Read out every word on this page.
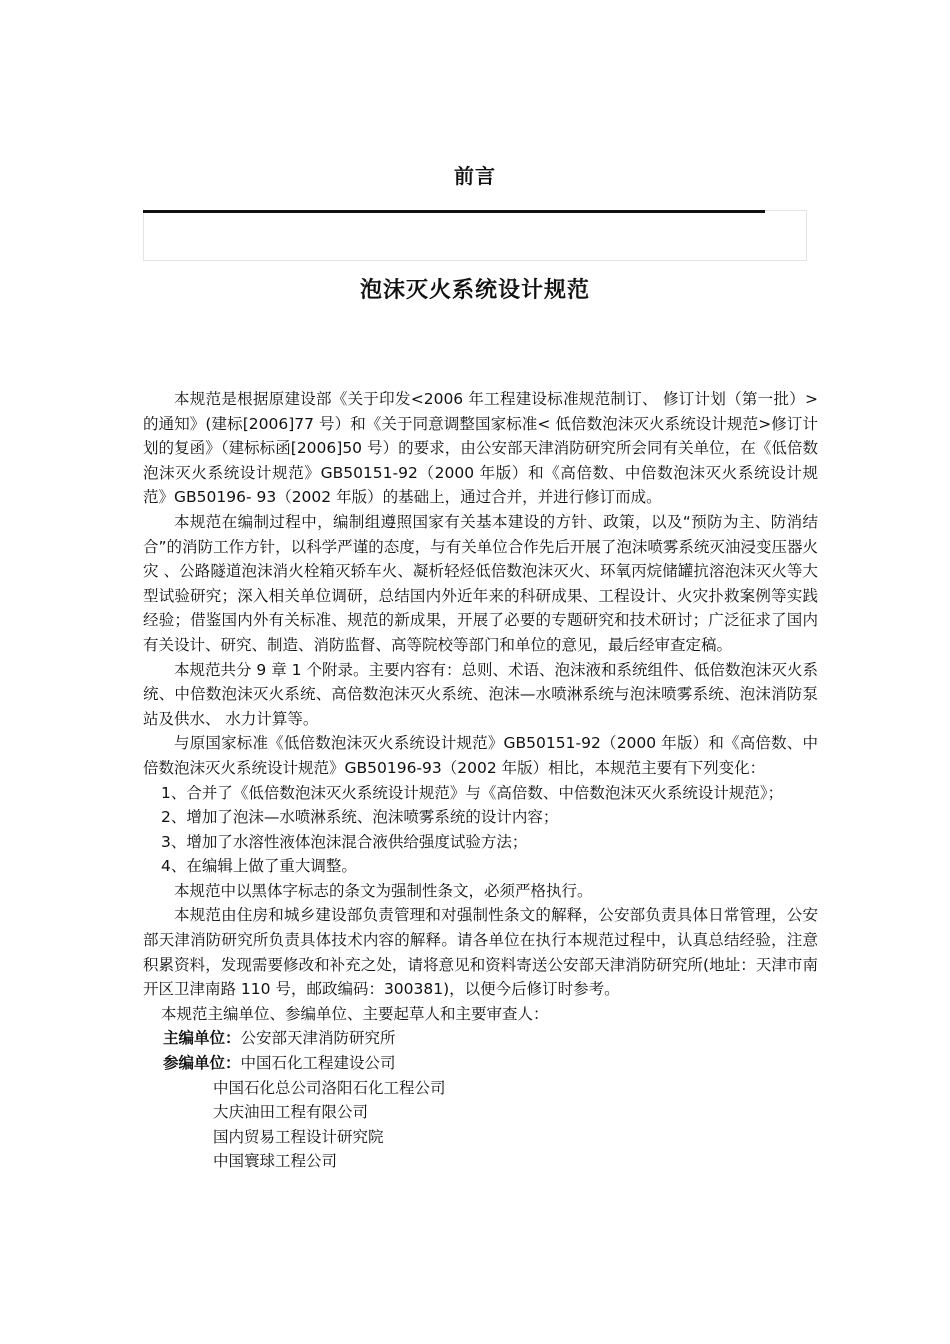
前言
泡沫灭火系统设计规范

本规范是根据原建设部《关于印发<2006 年工程建设标准规范制订、 修订计划（第一批）>的通知》(建标[2006]77 号）和《关于同意调整国家标准< 低倍数泡沫灭火系统设计规范>修订计划的复函》（建标标函[2006]50 号）的要求，由公安部天津消防研究所会同有关单位，在《低倍数泡沫灭火系统设计规范》GB50151-92（2000 年版）和《高倍数、中倍数泡沫灭火系统设计规范》GB50196- 93（2002 年版）的基础上，通过合并，并进行修订而成。

本规范在编制过程中，编制组遵照国家有关基本建设的方针、政策，以及“预防为主、防消结合”的消防工作方针，以科学严谨的态度，与有关单位合作先后开展了泡沫喷雾系统灭油浸变压器火灾 、公路隧道泡沫消火栓箱灭轿车火、凝析轻烃低倍数泡沫灭火、环氧丙烷储罐抗溶泡沫灭火等大型试验研究；深入相关单位调研，总结国内外近年来的科研成果、工程设计、火灾扑救案例等实践经验；借鉴国内外有关标准、规范的新成果，开展了必要的专题研究和技术研讨；广泛征求了国内有关设计、研究、制造、消防监督、高等院校等部门和单位的意见，最后经审查定稿。

本规范共分 9 章 1 个附录。主要内容有：总则、术语、泡沫液和系统组件、低倍数泡沫灭火系统、中倍数泡沫灭火系统、高倍数泡沫灭火系统、泡沫—水喷淋系统与泡沫喷雾系统、泡沫消防泵站及供水、 水力计算等。

与原国家标准《低倍数泡沫灭火系统设计规范》GB50151-92（2000 年版）和《高倍数、中倍数泡沫灭火系统设计规范》GB50196-93（2002 年版）相比，本规范主要有下列变化：

1、合并了《低倍数泡沫灭火系统设计规范》与《高倍数、中倍数泡沫灭火系统设计规范》；

2、增加了泡沫—水喷淋系统、泡沫喷雾系统的设计内容；

3、增加了水溶性液体泡沫混合液供给强度试验方法；

4、在编辑上做了重大调整。

本规范中以黑体字标志的条文为强制性条文，必须严格执行。

本规范由住房和城乡建设部负责管理和对强制性条文的解释，公安部负责具体日常管理，公安部天津消防研究所负责具体技术内容的解释。请各单位在执行本规范过程中，认真总结经验，注意积累资料，发现需要修改和补充之处，请将意见和资料寄送公安部天津消防研究所(地址：天津市南开区卫津南路 110 号，邮政编码：300381)，以便今后修订时参考。

本规范主编单位、参编单位、主要起草人和主要审查人：

主编单位：公安部天津消防研究所

参编单位：中国石化工程建设公司

中国石化总公司洛阳石化工程公司

大庆油田工程有限公司

国内贸易工程设计研究院

中国寰球工程公司
